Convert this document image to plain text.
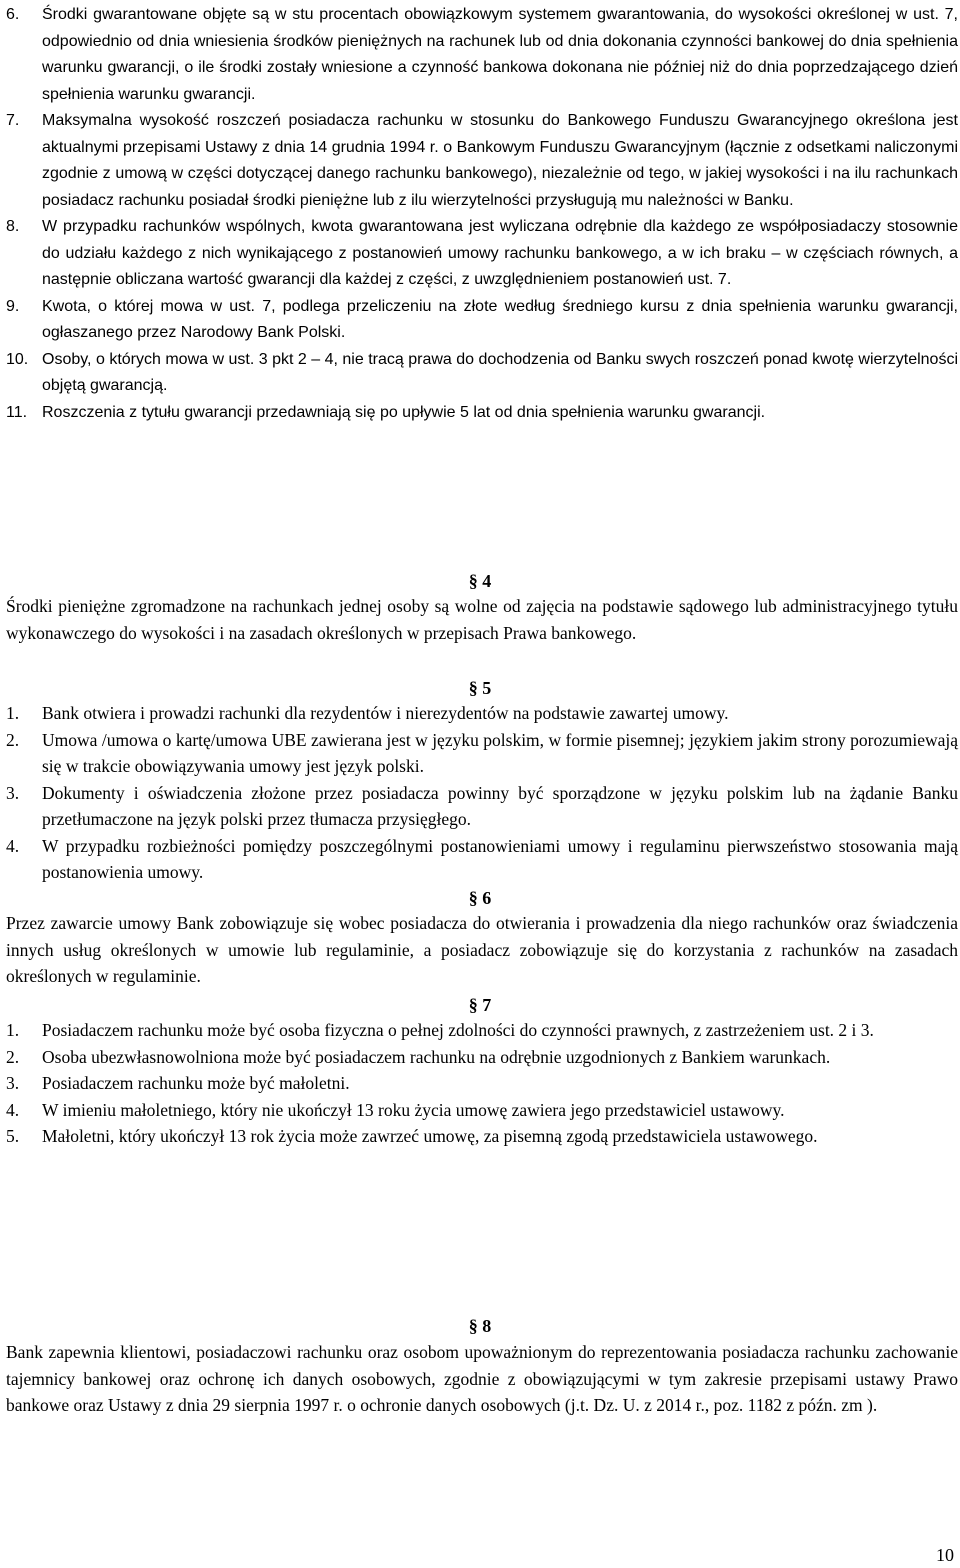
6.	Środki gwarantowane objęte są w stu procentach obowiązkowym systemem gwarantowania, do wysokości określonej w ust. 7, odpowiednio od dnia wniesienia środków pieniężnych na rachunek lub od dnia dokonania czynności bankowej do dnia spełnienia warunku gwarancji, o ile środki zostały wniesione a czynność bankowa dokonana nie później niż do dnia poprzedzającego dzień spełnienia warunku gwarancji.
7.	Maksymalna wysokość roszczeń posiadacza rachunku w stosunku do Bankowego Funduszu Gwarancyjnego określona jest aktualnymi przepisami Ustawy z dnia 14 grudnia 1994 r. o Bankowym Funduszu Gwarancyjnym (łącznie z odsetkami naliczonymi zgodnie z umową w części dotyczącej danego rachunku bankowego), niezależnie od tego, w jakiej wysokości i na ilu rachunkach posiadacz rachunku posiadał środki pieniężne lub z ilu wierzytelności przysługują mu należności w Banku.
8.	W przypadku rachunków wspólnych, kwota gwarantowana jest wyliczana odrębnie dla każdego ze współposiadaczy stosownie do udziału każdego z nich wynikającego z postanowień umowy rachunku bankowego, a w ich braku – w częściach równych, a następnie obliczana wartość gwarancji dla każdej z części, z uwzględnieniem postanowień ust. 7.
9.	Kwota, o której mowa w ust. 7, podlega przeliczeniu na złote według średniego kursu z dnia spełnienia warunku gwarancji, ogłaszanego przez Narodowy Bank Polski.
10. Osoby, o których mowa w ust. 3 pkt 2 – 4, nie tracą prawa do dochodzenia od Banku swych roszczeń ponad kwotę wierzytelności objętą gwarancją.
11. Roszczenia z tytułu gwarancji przedawniają się po upływie 5 lat od dnia spełnienia warunku gwarancji.
§ 4
Środki pieniężne zgromadzone na rachunkach jednej osoby są wolne od zajęcia na podstawie sądowego lub administracyjnego tytułu wykonawczego do wysokości i na zasadach określonych w przepisach Prawa bankowego.
§ 5
1.	Bank otwiera i prowadzi rachunki dla rezydentów i nierezydentów na podstawie zawartej umowy.
2.	Umowa /umowa o kartę/umowa UBE zawierana jest w języku polskim, w formie pisemnej; językiem jakim strony porozumiewają się w trakcie obowiązywania umowy jest język polski.
3.	Dokumenty i oświadczenia złożone przez posiadacza powinny być sporządzone w języku polskim lub na żądanie Banku przetłumaczone na język polski przez tłumacza przysięgłego.
4.	W przypadku rozbieżności pomiędzy poszczególnymi postanowieniami umowy i regulaminu pierwszeństwo stosowania mają postanowienia umowy.
§ 6
Przez zawarcie umowy Bank zobowiązuje się wobec posiadacza do otwierania i prowadzenia dla niego rachunków oraz świadczenia innych usług określonych w umowie lub regulaminie, a posiadacz zobowiązuje się do korzystania z rachunków na zasadach określonych w regulaminie.
§ 7
1.	Posiadaczem rachunku może być osoba fizyczna o pełnej zdolności do czynności prawnych, z zastrzeżeniem ust. 2 i 3.
2.	Osoba ubezwłasnowolniona może być posiadaczem rachunku na odrębnie uzgodnionych z Bankiem warunkach.
3.	Posiadaczem rachunku może być małoletni.
4.	W imieniu małoletniego, który nie ukończył 13 roku życia umowę zawiera jego przedstawiciel ustawowy.
5.	Małoletni, który ukończył 13 rok życia może zawrzeć umowę, za pisemną zgodą przedstawiciela ustawowego.
§ 8
Bank zapewnia klientowi, posiadaczowi rachunku oraz osobom upoważnionym do reprezentowania posiadacza rachunku zachowanie tajemnicy bankowej oraz ochronę ich danych osobowych, zgodnie z obowiązującymi w tym zakresie przepisami ustawy Prawo bankowe oraz Ustawy z dnia 29 sierpnia 1997 r. o ochronie danych osobowych (j.t. Dz. U. z 2014 r., poz. 1182 z późn. zm ).
10
